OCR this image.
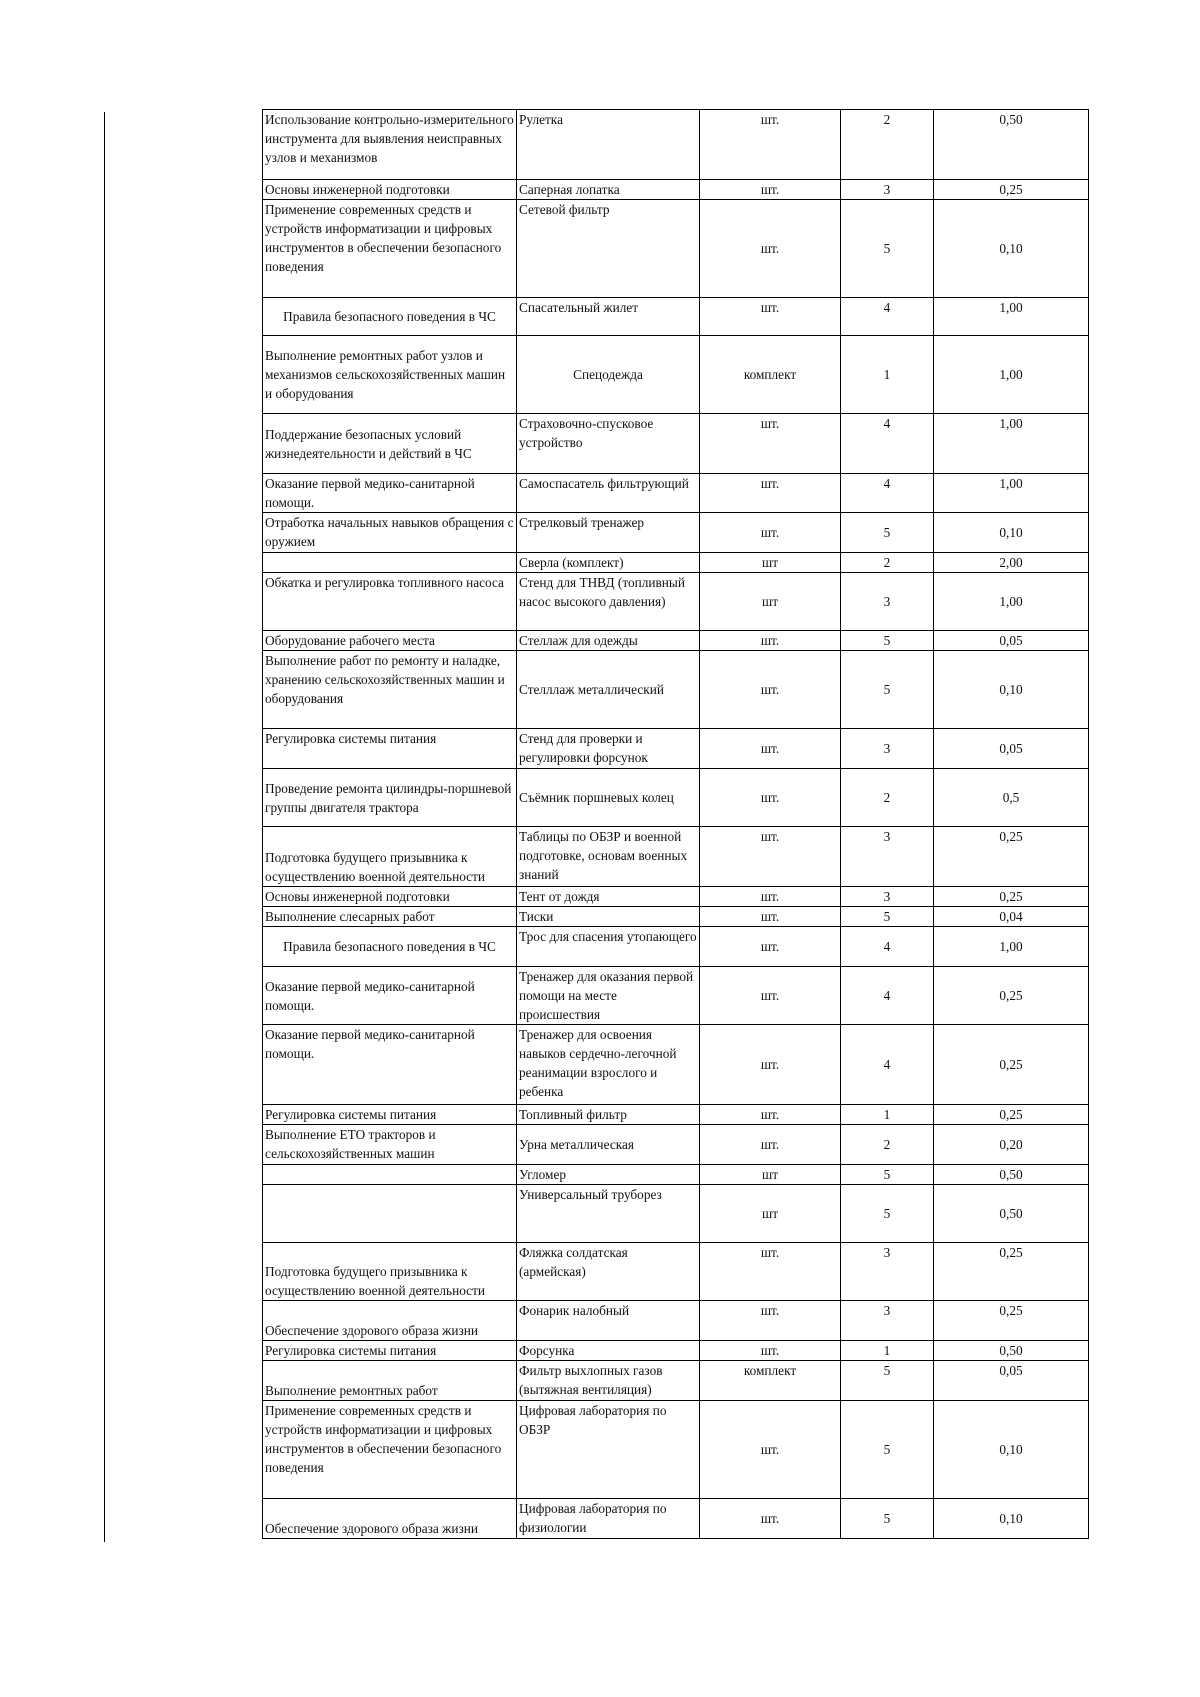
Использование контрольно-измерительного инструмента для выявления неисправных узлов и механизмов	Рулетка	шт.	2	0,50
Основы инженерной подготовки	Саперная лопатка	шт.	3	0,25
Применение современных средств и устройств информатизации и цифровых инструментов в обеспечении безопасного поведения	Сетевой фильтр	шт.	5	0,10
Правила безопасного поведения в ЧС	Спасательный жилет	шт.	4	1,00
Выполнение ремонтных работ узлов и механизмов сельскохозяйственных машин и оборудования	Спецодежда	комплект	1	1,00
Поддержание безопасных условий жизнедеятельности и действий в ЧС	Страховочно-спусковое устройство	шт.	4	1,00
Оказание первой медико-санитарной помощи.	Самоспасатель фильтрующий	шт.	4	1,00
Отработка начальных навыков обращения с оружием	Стрелковый тренажер	шт.	5	0,10
	Сверла (комплект)	шт	2	2,00
Обкатка и регулировка топливного насоса	Стенд для ТНВД (топливный насос высокого давления)	шт	3	1,00
Оборудование рабочего места	Стеллаж для одежды	шт.	5	0,05
Выполнение работ по ремонту и наладке, хранению сельскохозяйственных машин и оборудования	Стелллаж металлический	шт.	5	0,10
Регулировка системы питания	Стенд для проверки и регулировки форсунок	шт.	3	0,05
Проведение ремонта цилиндры-поршневой группы двигателя трактора	Съёмник поршневых колец	шт.	2	0,5
Подготовка будущего призывника к осуществлению военной деятельности	Таблицы по ОБЗР и военной подготовке, основам военных знаний	шт.	3	0,25
Основы инженерной подготовки	Тент от дождя	шт.	3	0,25
Выполнение слесарных работ	Тиски	шт.	5	0,04
Правила безопасного поведения в ЧС	Трос для спасения утопающего	шт.	4	1,00
Оказание первой медико-санитарной помощи.	Тренажер для оказания первой помощи на месте происшествия	шт.	4	0,25
Оказание первой медико-санитарной помощи.	Тренажер для освоения навыков сердечно-легочной реанимации взрослого и ребенка	шт.	4	0,25
Регулировка системы питания	Топливный фильтр	шт.	1	0,25
Выполнение ЕТО тракторов и сельскохозяйственных машин	Урна металлическая	шт.	2	0,20
	Угломер	шт	5	0,50
	Универсальный труборез	шт	5	0,50
Подготовка будущего призывника к осуществлению военной деятельности	Фляжка солдатская (армейская)	шт.	3	0,25
Обеспечение здорового образа жизни	Фонарик налобный	шт.	3	0,25
Регулировка системы питания	Форсунка	шт.	1	0,50
Выполнение ремонтных работ	Фильтр выхлопных газов (вытяжная вентиляция)	комплект	5	0,05
Применение современных средств и устройств информатизации и цифровых инструментов в обеспечении безопасного поведения	Цифровая лаборатория по ОБЗР	шт.	5	0,10
Обеспечение здорового образа жизни	Цифровая лаборатория по физиологии	шт.	5	0,10
